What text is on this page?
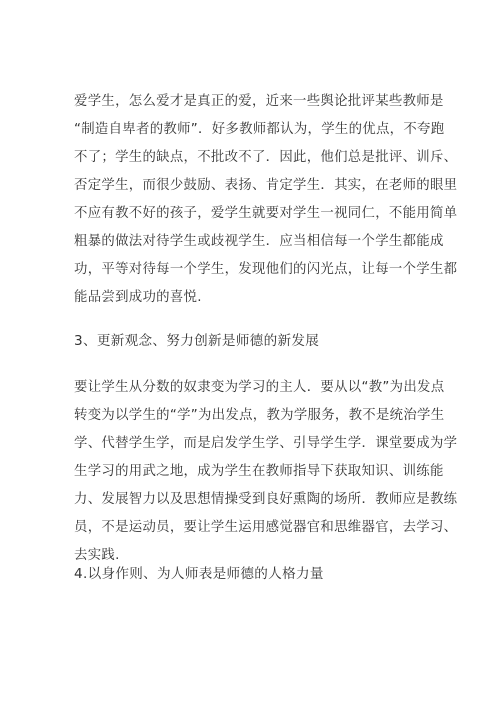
爱学生，怎么爱才是真正的爱，近来一些舆论批评某些教师是
“制造自卑者的教师”．好多教师都认为，学生的优点，不夸跑
不了；学生的缺点，不批改不了．因此，他们总是批评、训斥、
否定学生，而很少鼓励、表扬、肯定学生．其实，在老师的眼里
不应有教不好的孩子，爱学生就要对学生一视同仁，不能用简单
粗暴的做法对待学生或歧视学生．应当相信每一个学生都能成
功，平等对待每一个学生，发现他们的闪光点，让每一个学生都
能品尝到成功的喜悦.
3、更新观念、努力创新是师德的新发展
要让学生从分数的奴隶变为学习的主人．要从以“教”为出发点
转变为以学生的“学”为出发点，教为学服务，教不是统治学生
学、代替学生学，而是启发学生学、引导学生学．课堂要成为学
生学习的用武之地，成为学生在教师指导下获取知识、训练能
力、发展智力以及思想情操受到良好熏陶的场所．教师应是教练
员，不是运动员，要让学生运用感觉器官和思维器官，去学习、
去实践.
4.以身作则、为人师表是师德的人格力量
